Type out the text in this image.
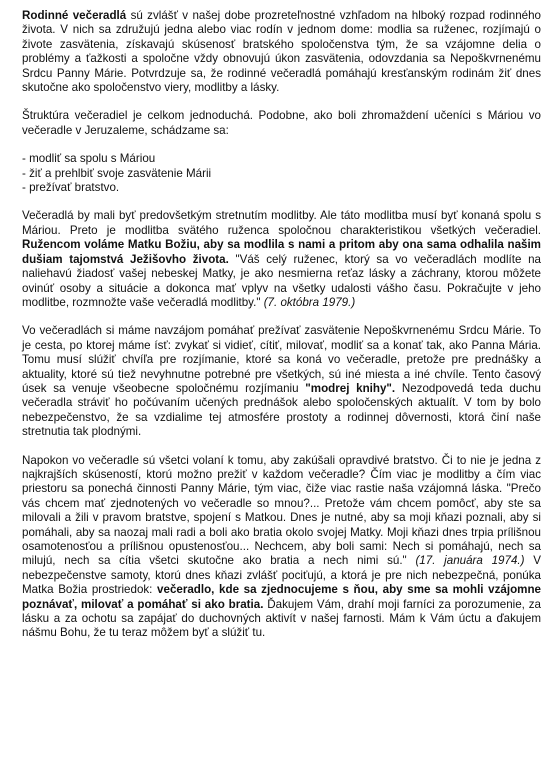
Rodinné večeradlá sú zvlášť v našej dobe prozreteľnostné vzhľadom na hlboký rozpad rodinného života. V nich sa združujú jedna alebo viac rodín v jednom dome: modlia sa ruženec, rozjímajú o živote zasvätenia, získavajú skúsenosť bratského spoločenstva tým, že sa vzájomne delia o problémy a ťažkosti a spoločne vždy obnovujú úkon zasvätenia, odovzdania sa Nepoškvrnenému Srdcu Panny Márie. Potvrdzuje sa, že rodinné večeradlá pomáhajú kresťanským rodinám žiť dnes skutočne ako spoločenstvo viery, modlitby a lásky.

Štruktúra večeradiel je celkom jednoduchá. Podobne, ako boli zhromaždení učeníci s Máriou vo večeradle v Jeruzaleme, schádzame sa:

- modliť sa spolu s Máriou
- žiť a prehlbiť svoje zasvätenie Márii
- prežívať bratstvo.

Večeradlá by mali byť predovšetkým stretnutím modlitby. Ale táto modlitba musí byť konaná spolu s Máriou. Preto je modlitba svätého ruženca spoločnou charakteristikou všetkých večeradiel. Ružencom voláme Matku Božiu, aby sa modlila s nami a pritom aby ona sama odhalila našim dušiam tajomstvá Ježišovho života. "Váš celý ruženec, ktorý sa vo večeradlách modlíte na naliehavú žiadosť vašej nebeskej Matky, je ako nesmierna reťaz lásky a záchrany, ktorou môžete ovinúť osoby a situácie a dokonca mať vplyv na všetky udalosti vášho času. Pokračujte v jeho modlitbe, rozmnožte vaše večeradlá modlitby." (7. októbra 1979.)

Vo večeradlách si máme navzájom pomáhať prežívať zasvätenie Nepoškvrnenému Srdcu Márie. To je cesta, po ktorej máme ísť: zvykať si vidieť, cítiť, milovať, modliť sa a konať tak, ako Panna Mária. Tomu musí slúžiť chvíľa pre rozjímanie, ktoré sa koná vo večeradle, pretože pre prednášky a aktuality, ktoré sú tiež nevyhnutne potrebné pre všetkých, sú iné miesta a iné chvíle. Tento časový úsek sa venuje všeobecne spoločnému rozjímaniu "modrej knihy". Nezodpovedá teda duchu večeradla stráviť ho počúvaním učených prednášok alebo spoločenských aktualít. V tom by bolo nebezpečenstvo, že sa vzdialime tej atmosfére prostoty a rodinnej dôvernosti, ktorá činí naše stretnutia tak plodnými.

Napokon vo večeradle sú všetci volaní k tomu, aby zakúšali opravdivé bratstvo. Či to nie je jedna z najkrajších skúseností, ktorú možno prežiť v každom večeradle? Čím viac je modlitby a čím viac priestoru sa ponechá činnosti Panny Márie, tým viac, čiže viac rastie naša vzájomná láska. "Prečo vás chcem mať zjednotených vo večeradle so mnou?... Pretože vám chcem pomôcť, aby ste sa milovali a žili v pravom bratstve, spojení s Matkou. Dnes je nutné, aby sa moji kňazi poznali, aby si pomáhali, aby sa naozaj mali radi a boli ako bratia okolo svojej Matky. Moji kňazi dnes trpia prílišnou osamotenosťou a prílišnou opustenosťou... Nechcem, aby boli sami: Nech si pomáhajú, nech sa milujú, nech sa cítia všetci skutočne ako bratia a nech nimi sú." (17. januára 1974.) V nebezpečenstve samoty, ktorú dnes kňazi zvlášť pociťujú, a ktorá je pre nich nebezpečná, ponúka Matka Božia prostriedok: večeradlo, kde sa zjednocujeme s ňou, aby sme sa mohli vzájomne poznávať, milovať a pomáhať si ako bratia. Ďakujem Vám, drahí moji farníci za porozumenie, za lásku a za ochotu sa zapájať do duchovných aktivít v našej farnosti. Mám k Vám úctu a ďakujem nášmu Bohu, že tu teraz môžem byť a slúžiť tu.
